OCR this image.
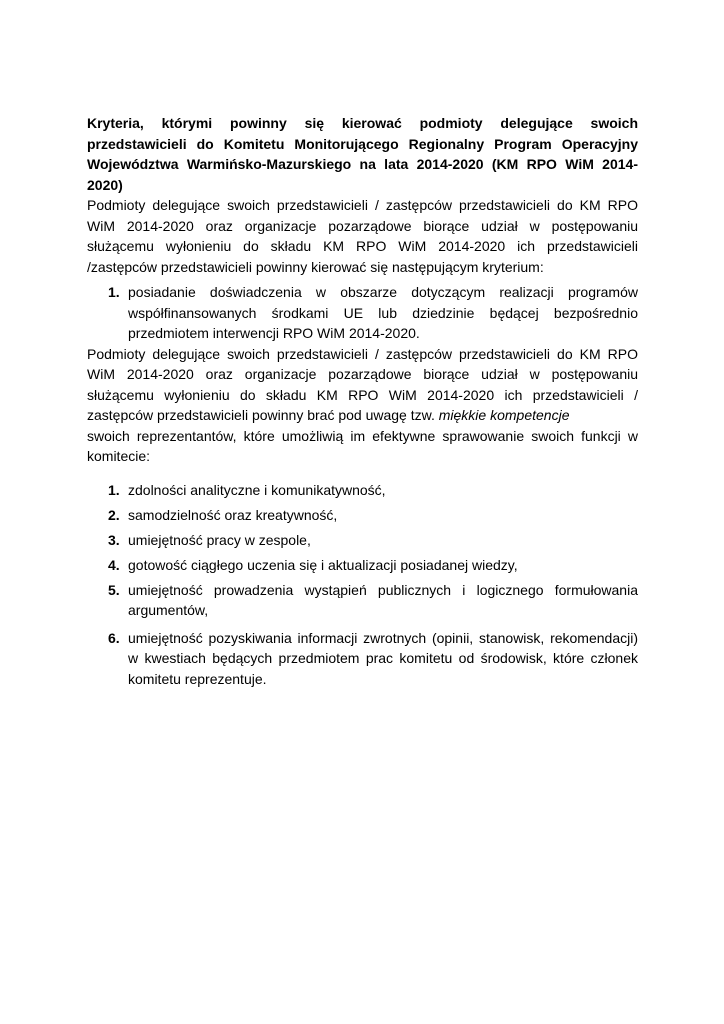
Kryteria, którymi powinny się kierować podmioty delegujące swoich przedstawicieli do Komitetu Monitorującego Regionalny Program Operacyjny Województwa Warmińsko-Mazurskiego na lata 2014-2020 (KM RPO WiM 2014-2020)

Podmioty delegujące swoich przedstawicieli / zastępców przedstawicieli do KM RPO WiM 2014-2020 oraz organizacje pozarządowe biorące udział w postępowaniu służącemu wyłonieniu do składu KM RPO WiM 2014-2020 ich przedstawicieli /zastępców przedstawicieli powinny kierować się następującym kryterium:

1. posiadanie doświadczenia w obszarze dotyczącym realizacji programów współfinansowanych środkami UE lub dziedzinie będącej bezpośrednio przedmiotem interwencji RPO WiM 2014-2020.

Podmioty delegujące swoich przedstawicieli / zastępców przedstawicieli do KM RPO WiM 2014-2020 oraz organizacje pozarządowe biorące udział w postępowaniu służącemu wyłonieniu do składu KM RPO WiM 2014-2020 ich przedstawicieli / zastępców przedstawicieli powinny brać pod uwagę tzw. miękkie kompetencje
swoich reprezentantów, które umożliwią im efektywne sprawowanie swoich funkcji w komitecie:

1. zdolności analityczne i komunikatywność,
2. samodzielność oraz kreatywność,
3. umiejętność pracy w zespole,
4. gotowość ciągłego uczenia się i aktualizacji posiadanej wiedzy,
5. umiejętność prowadzenia wystąpień publicznych i logicznego formułowania argumentów,
6. umiejętność pozyskiwania informacji zwrotnych (opinii, stanowisk, rekomendacji) w kwestiach będących przedmiotem prac komitetu od środowisk, które członek komitetu reprezentuje.
